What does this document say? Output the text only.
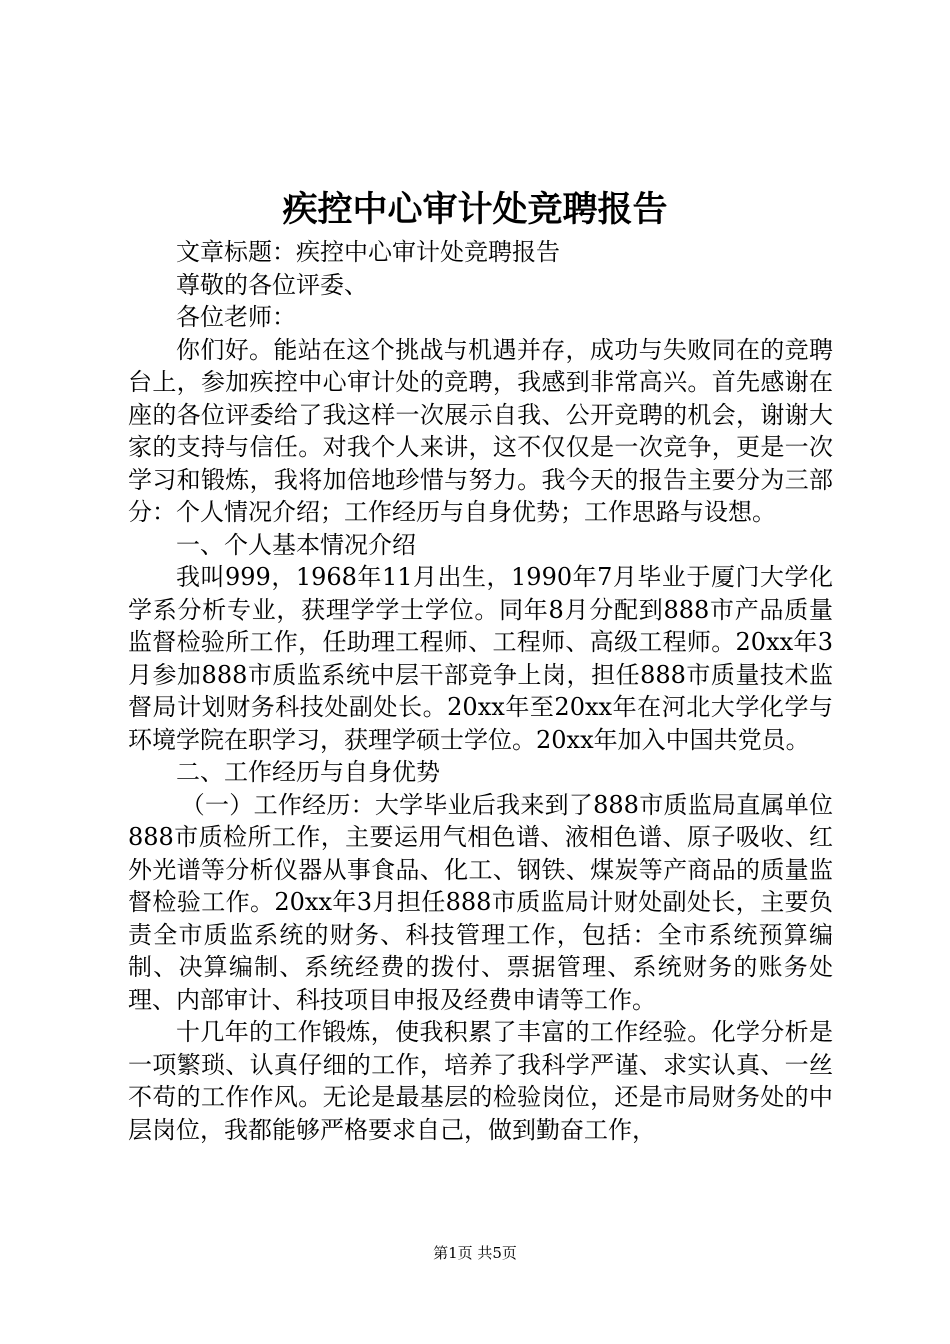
疾控中心审计处竞聘报告

文章标题：疾控中心审计处竞聘报告

尊敬的各位评委、

各位老师：

你们好。能站在这个挑战与机遇并存，成功与失败同在的竞聘台上，参加疾控中心审计处的竞聘，我感到非常高兴。首先感谢在座的各位评委给了我这样一次展示自我、公开竞聘的机会，谢谢大家的支持与信任。对我个人来讲，这不仅仅是一次竞争，更是一次学习和锻炼，我将加倍地珍惜与努力。我今天的报告主要分为三部分：个人情况介绍；工作经历与自身优势；工作思路与设想。

一、个人基本情况介绍

我叫999，1968年11月出生，1990年7月毕业于厦门大学化学系分析专业，获理学学士学位。同年8月分配到888市产品质量监督检验所工作，任助理工程师、工程师、高级工程师。20xx年3月参加888市质监系统中层干部竞争上岗，担任888市质量技术监督局计划财务科技处副处长。20xx年至20xx年在河北大学化学与环境学院在职学习，获理学硕士学位。20xx年加入中国共党员。

二、工作经历与自身优势

（一）工作经历：大学毕业后我来到了888市质监局直属单位888市质检所工作，主要运用气相色谱、液相色谱、原子吸收、红外光谱等分析仪器从事食品、化工、钢铁、煤炭等产商品的质量监督检验工作。20xx年3月担任888市质监局计财处副处长，主要负责全市质监系统的财务、科技管理工作，包括：全市系统预算编制、决算编制、系统经费的拨付、票据管理、系统财务的账务处理、内部审计、科技项目申报及经费申请等工作。

十几年的工作锻炼，使我积累了丰富的工作经验。化学分析是一项繁琐、认真仔细的工作，培养了我科学严谨、求实认真、一丝不苟的工作作风。无论是最基层的检验岗位，还是市局财务处的中层岗位，我都能够严格要求自己，做到勤奋工作，

第1页 共5页
